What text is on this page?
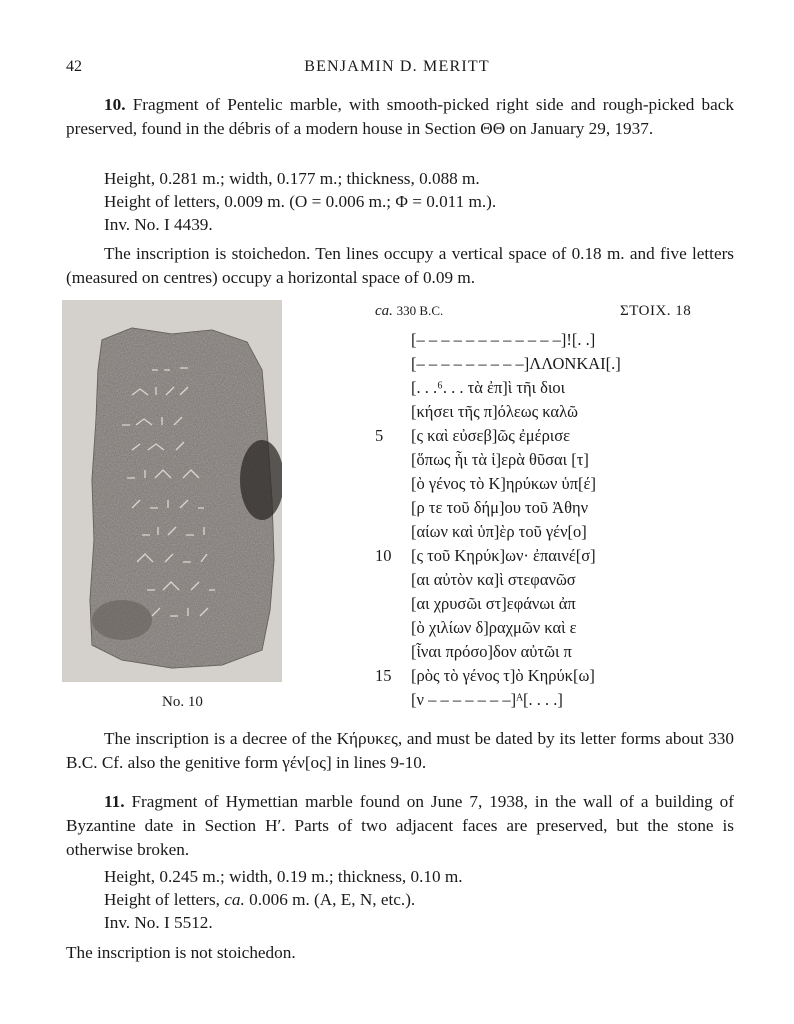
42	BENJAMIN D. MERITT
10. Fragment of Pentelic marble, with smooth-picked right side and rough-picked back preserved, found in the débris of a modern house in Section ΘΘ on January 29, 1937.
Height, 0.281 m.; width, 0.177 m.; thickness, 0.088 m.
Height of letters, 0.009 m. (O = 0.006 m.; Φ = 0.011 m.).
Inv. No. I 4439.
The inscription is stoichedon. Ten lines occupy a vertical space of 0.18 m. and five letters (measured on centres) occupy a horizontal space of 0.09 m.
No. 10
ca. 330 B.C.	ΣΤΟΙΧ. 18
[– – – – – – – – – – – –]![. .]
[– – – – – – – – –]ΛΛΟΝΚΑΙ[.]
[. . .⁶. . . τὰ ἐπ]ὶ τῆι διοι
[κήσει τῆς π]όλεως καλῶ
5	[ς καὶ εὐσεβ]ῶς ἐμέρισε
[ὅπως ἧι τὰ ἱ]ερὰ θῦσαι [τ]
[ὸ γένος τὸ Κ]ηρύκων ὑπ[έ]
[ρ τε τοῦ δήμ]ου τοῦ Ἀθην
[αίων καὶ ὑπ]ὲρ τοῦ γέν[ο]
10	[ς τοῦ Κηρύκ]ων· ἐπαινέ[σ]
[αι αὐτὸν κα]ὶ στεφανῶσ
[αι χρυσῶι στ]εφάνωι ἀπ
[ὸ χιλίων δ]ραχμῶν καὶ ε
[ἶναι πρόσο]δον αὐτῶι π
15	[ρὸς τὸ γένος τ]ὸ Κηρύκ[ω]
[ν – – – – – – –]ᴬ[. . . .]
The inscription is a decree of the Κήρυκες, and must be dated by its letter forms about 330 B.C. Cf. also the genitive form γέν[ος] in lines 9-10.
11. Fragment of Hymettian marble found on June 7, 1938, in the wall of a building of Byzantine date in Section Η′. Parts of two adjacent faces are preserved, but the stone is otherwise broken.
Height, 0.245 m.; width, 0.19 m.; thickness, 0.10 m.
Height of letters, ca. 0.006 m. (Α, Ε, Ν, etc.).
Inv. No. I 5512.
The inscription is not stoichedon.
